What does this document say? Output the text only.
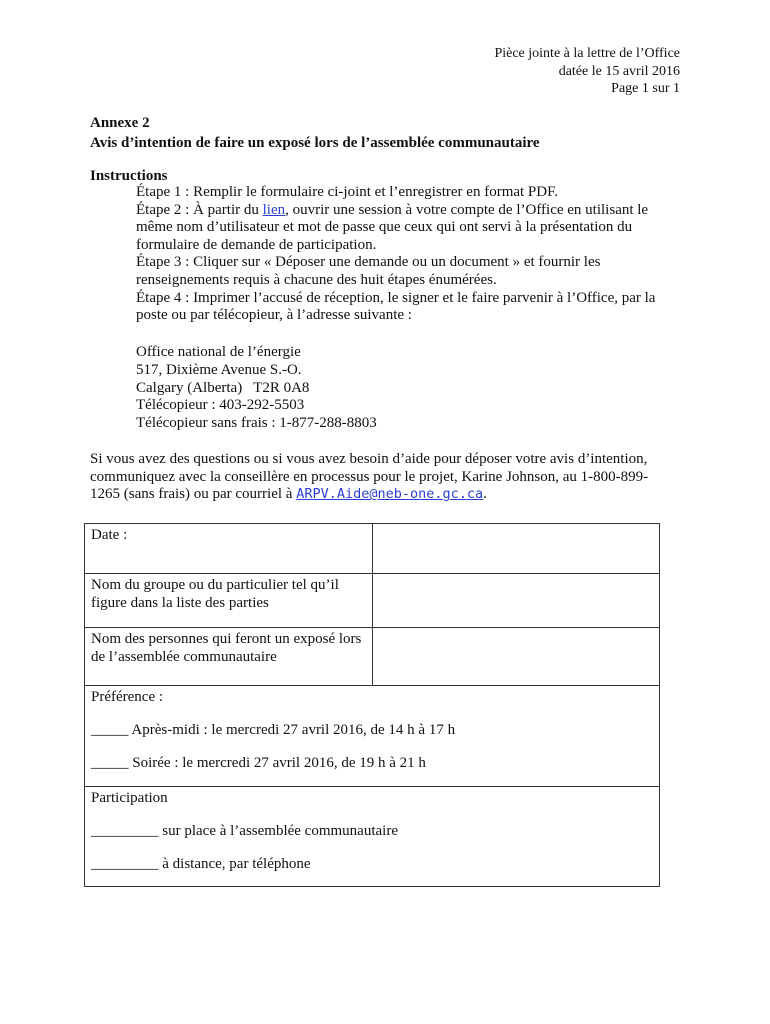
Pièce jointe à la lettre de l’Office
datée le 15 avril 2016
Page 1 sur 1
Annexe 2
Avis d’intention de faire un exposé lors de l’assemblée communautaire
Instructions

Étape 1 : Remplir le formulaire ci-joint et l’enregistrer en format PDF.

Étape 2 : À partir du lien, ouvrir une session à votre compte de l’Office en utilisant le même nom d’utilisateur et mot de passe que ceux qui ont servi à la présentation du formulaire de demande de participation.

Étape 3 : Cliquer sur « Déposer une demande ou un document » et fournir les renseignements requis à chacune des huit étapes énumérées.

Étape 4 : Imprimer l’accusé de réception, le signer et le faire parvenir à l’Office, par la poste ou par télécopieur, à l’adresse suivante :

Office national de l’énergie
517, Dixième Avenue S.-O.
Calgary (Alberta)   T2R 0A8
Télécopieur : 403-292-5503
Télécopieur sans frais : 1-877-288-8803
Si vous avez des questions ou si vous avez besoin d’aide pour déposer votre avis d’intention, communiquez avec la conseillère en processus pour le projet, Karine Johnson, au 1-800-899-1265 (sans frais) ou par courriel à ARPV.Aide@neb-one.gc.ca.
Date :	
Nom du groupe ou du particulier tel qu’il figure dans la liste des parties	
Nom des personnes qui feront un exposé lors de l’assemblée communautaire	

Préférence :
_____ Après-midi : le mercredi 27 avril 2016, de 14 h à 17 h
_____ Soirée : le mercredi 27 avril 2016, de 19 h à 21 h	

Participation
_________ sur place à l’assemblée communautaire
_________ à distance, par téléphone	
